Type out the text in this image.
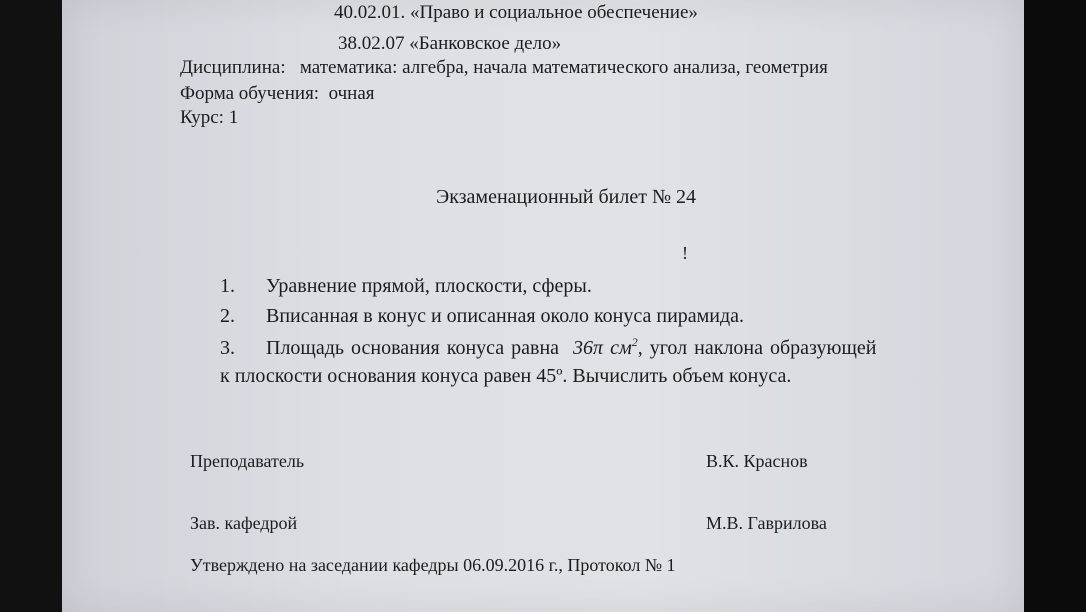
40.02.01. «Право и социальное обеспечение»
38.02.07 «Банковское дело»
Дисциплина: математика: алгебра, начала математического анализа, геометрия
Форма обучения: очная
Курс: 1
Экзаменационный билет № 24
!
1. Уравнение прямой, плоскости, сферы.
2. Вписанная в конус и описанная около конуса пирамида.
3. Площадь основания конуса равна 36π $см^2$, угол наклона образующей
к плоскости основания конуса равен 45º. Вычислить объем конуса.
Преподаватель	В.К. Краснов
Зав. кафедрой	М.В. Гаврилова
Утверждено на заседании кафедры 06.09.2016 г., Протокол № 1
